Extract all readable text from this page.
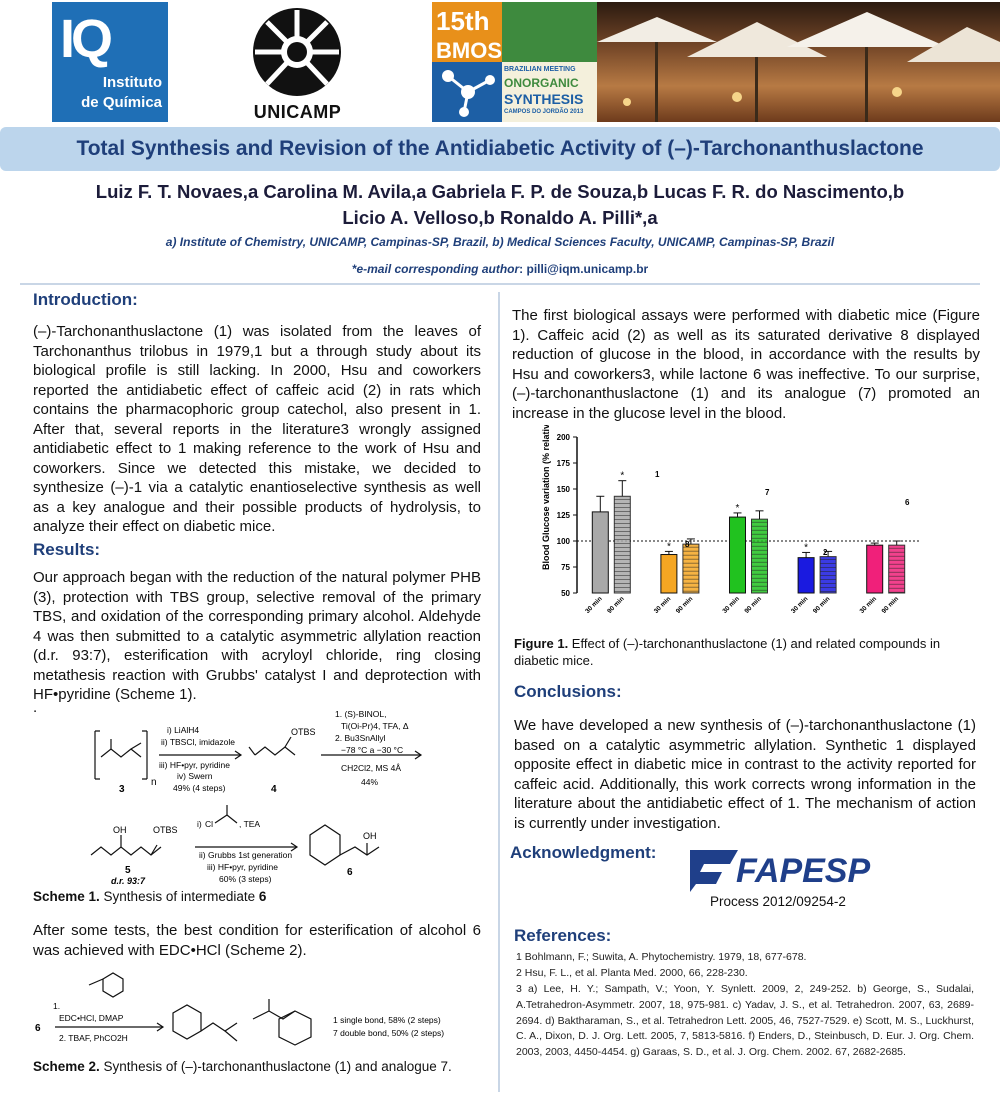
IQ
Instituto
de Química	UNICAMP
15th
BMOS
BRAZILIAN MEETING
ONORGANIC
SYNTHESIS
CAMPOS DO JORDÃO 2013
Total Synthesis and Revision of the Antidiabetic Activity of (–)-Tarchonanthuslactone
Luiz F. T. Novaes,a Carolina M. Avila,a Gabriela F. P. de Souza,b Lucas F. R. do Nascimento,b
Licio A. Velloso,b Ronaldo A. Pilli*,a
a) Institute of Chemistry, UNICAMP, Campinas-SP, Brazil, b) Medical Sciences Faculty, UNICAMP, Campinas-SP, Brazil
*e-mail corresponding author: pilli@iqm.unicamp.br
Introduction:
(–)-Tarchonanthuslactone (1) was isolated from the leaves of Tarchonanthus trilobus in 1979,1 but a through study about its biological profile is still lacking. In 2000, Hsu and coworkers reported the antidiabetic effect of caffeic acid (2) in rats which contains the pharmacophoric group catechol, also present in 1. After that, several reports in the literature3 wrongly assigned antidiabetic effect to 1 making reference to the work of Hsu and coworkers. Since we detected this mistake, we decided to synthesize (–)-1 via a catalytic enantioselective synthesis as well as a key analogue and their possible products of hydrolysis, to analyze their effect on diabetic mice.
Results:
Our approach began with the reduction of the natural polymer PHB (3), protection with TBS group, selective removal of the primary TBS, and oxidation of the corresponding primary alcohol. Aldehyde 4 was then submitted to a catalytic asymmetric allylation reaction (d.r. 93:7), esterification with acryloyl chloride, ring closing metathesis reaction with Grubbs' catalyst I and deprotection with HF•pyridine (Scheme 1).
.
3
n
i) LiAlH4
ii) TBSCl, imidazole
iii) HF•pyr, pyridine
iv) Swern
49% (4 steps)
OTBS
4
1. (S)-BINOL,
Ti(Oi-Pr)4, TFA, Δ
2. Bu3SnAllyl
−78 °C a −30 °C
CH2Cl2, MS 4Å
44%
OH	OTBS
5
d.r. 93:7
i) Cl	, TEA
ii) Grubbs 1st generation
iii) HF•pyr, pyridine
60% (3 steps)
OH
6
Scheme 1. Synthesis of intermediate 6
After some tests, the best condition for esterification of alcohol 6 was achieved with EDC•HCl (Scheme 2).
6
1.
EDC•HCl, DMAP
2. TBAF, PhCO2H
1 single bond, 58% (2 steps)
7 double bond, 50% (2 steps)
Scheme 2. Synthesis of (–)-tarchonanthuslactone (1) and analogue 7.
The first biological assays were performed with diabetic mice (Figure 1). Caffeic acid (2) as well as its saturated derivative 8 displayed reduction of glucose in the blood, in accordance with the results by Hsu and coworkers3, while lactone 6 was ineffective. To our surprise, (–)-tarchonanthuslactone (1) and its analogue (7) promoted an increase in the glucose level in the blood.
50
75
100
125
150
175
200
30 min
*
90 min
*
30 min 90 min
*
30 min 90 min
*
30 min 90 min	30 min 90 min
1
8
7
2
6
Blood Glucose variation (% relative to control)
Figure 1. Effect of (–)-tarchonanthuslactone (1) and related compounds in diabetic mice.
Conclusions:
We have developed a new synthesis of (–)-tarchonanthuslactone (1) based on a catalytic asymmetric allylation. Synthetic 1 displayed opposite effect in diabetic mice in contrast to the activity reported for caffeic acid. Additionally, this work corrects wrong information in the literature about the antidiabetic effect of 1. The mechanism of action is currently under investigation.
Acknowledgment: FAPESP
Process 2012/09254-2
References:
1 Bohlmann, F.; Suwita, A. Phytochemistry. 1979, 18, 677-678.
2 Hsu, F. L., et al. Planta Med. 2000, 66, 228-230.
3 a) Lee, H. Y.; Sampath, V.; Yoon, Y. Synlett. 2009, 2, 249-252. b) George, S., Sudalai, A.Tetrahedron-Asymmetr. 2007, 18, 975-981. c) Yadav, J. S., et al. Tetrahedron. 2007, 63, 2689-2694. d) Baktharaman, S., et al. Tetrahedron Lett. 2005, 46, 7527-7529. e) Scott, M. S., Luckhurst, C. A., Dixon, D. J. Org. Lett. 2005, 7, 5813-5816. f) Enders, D., Steinbusch, D. Eur. J. Org. Chem. 2003, 2003, 4450-4454. g) Garaas, S. D., et al. J. Org. Chem. 2002. 67, 2682-2685.
